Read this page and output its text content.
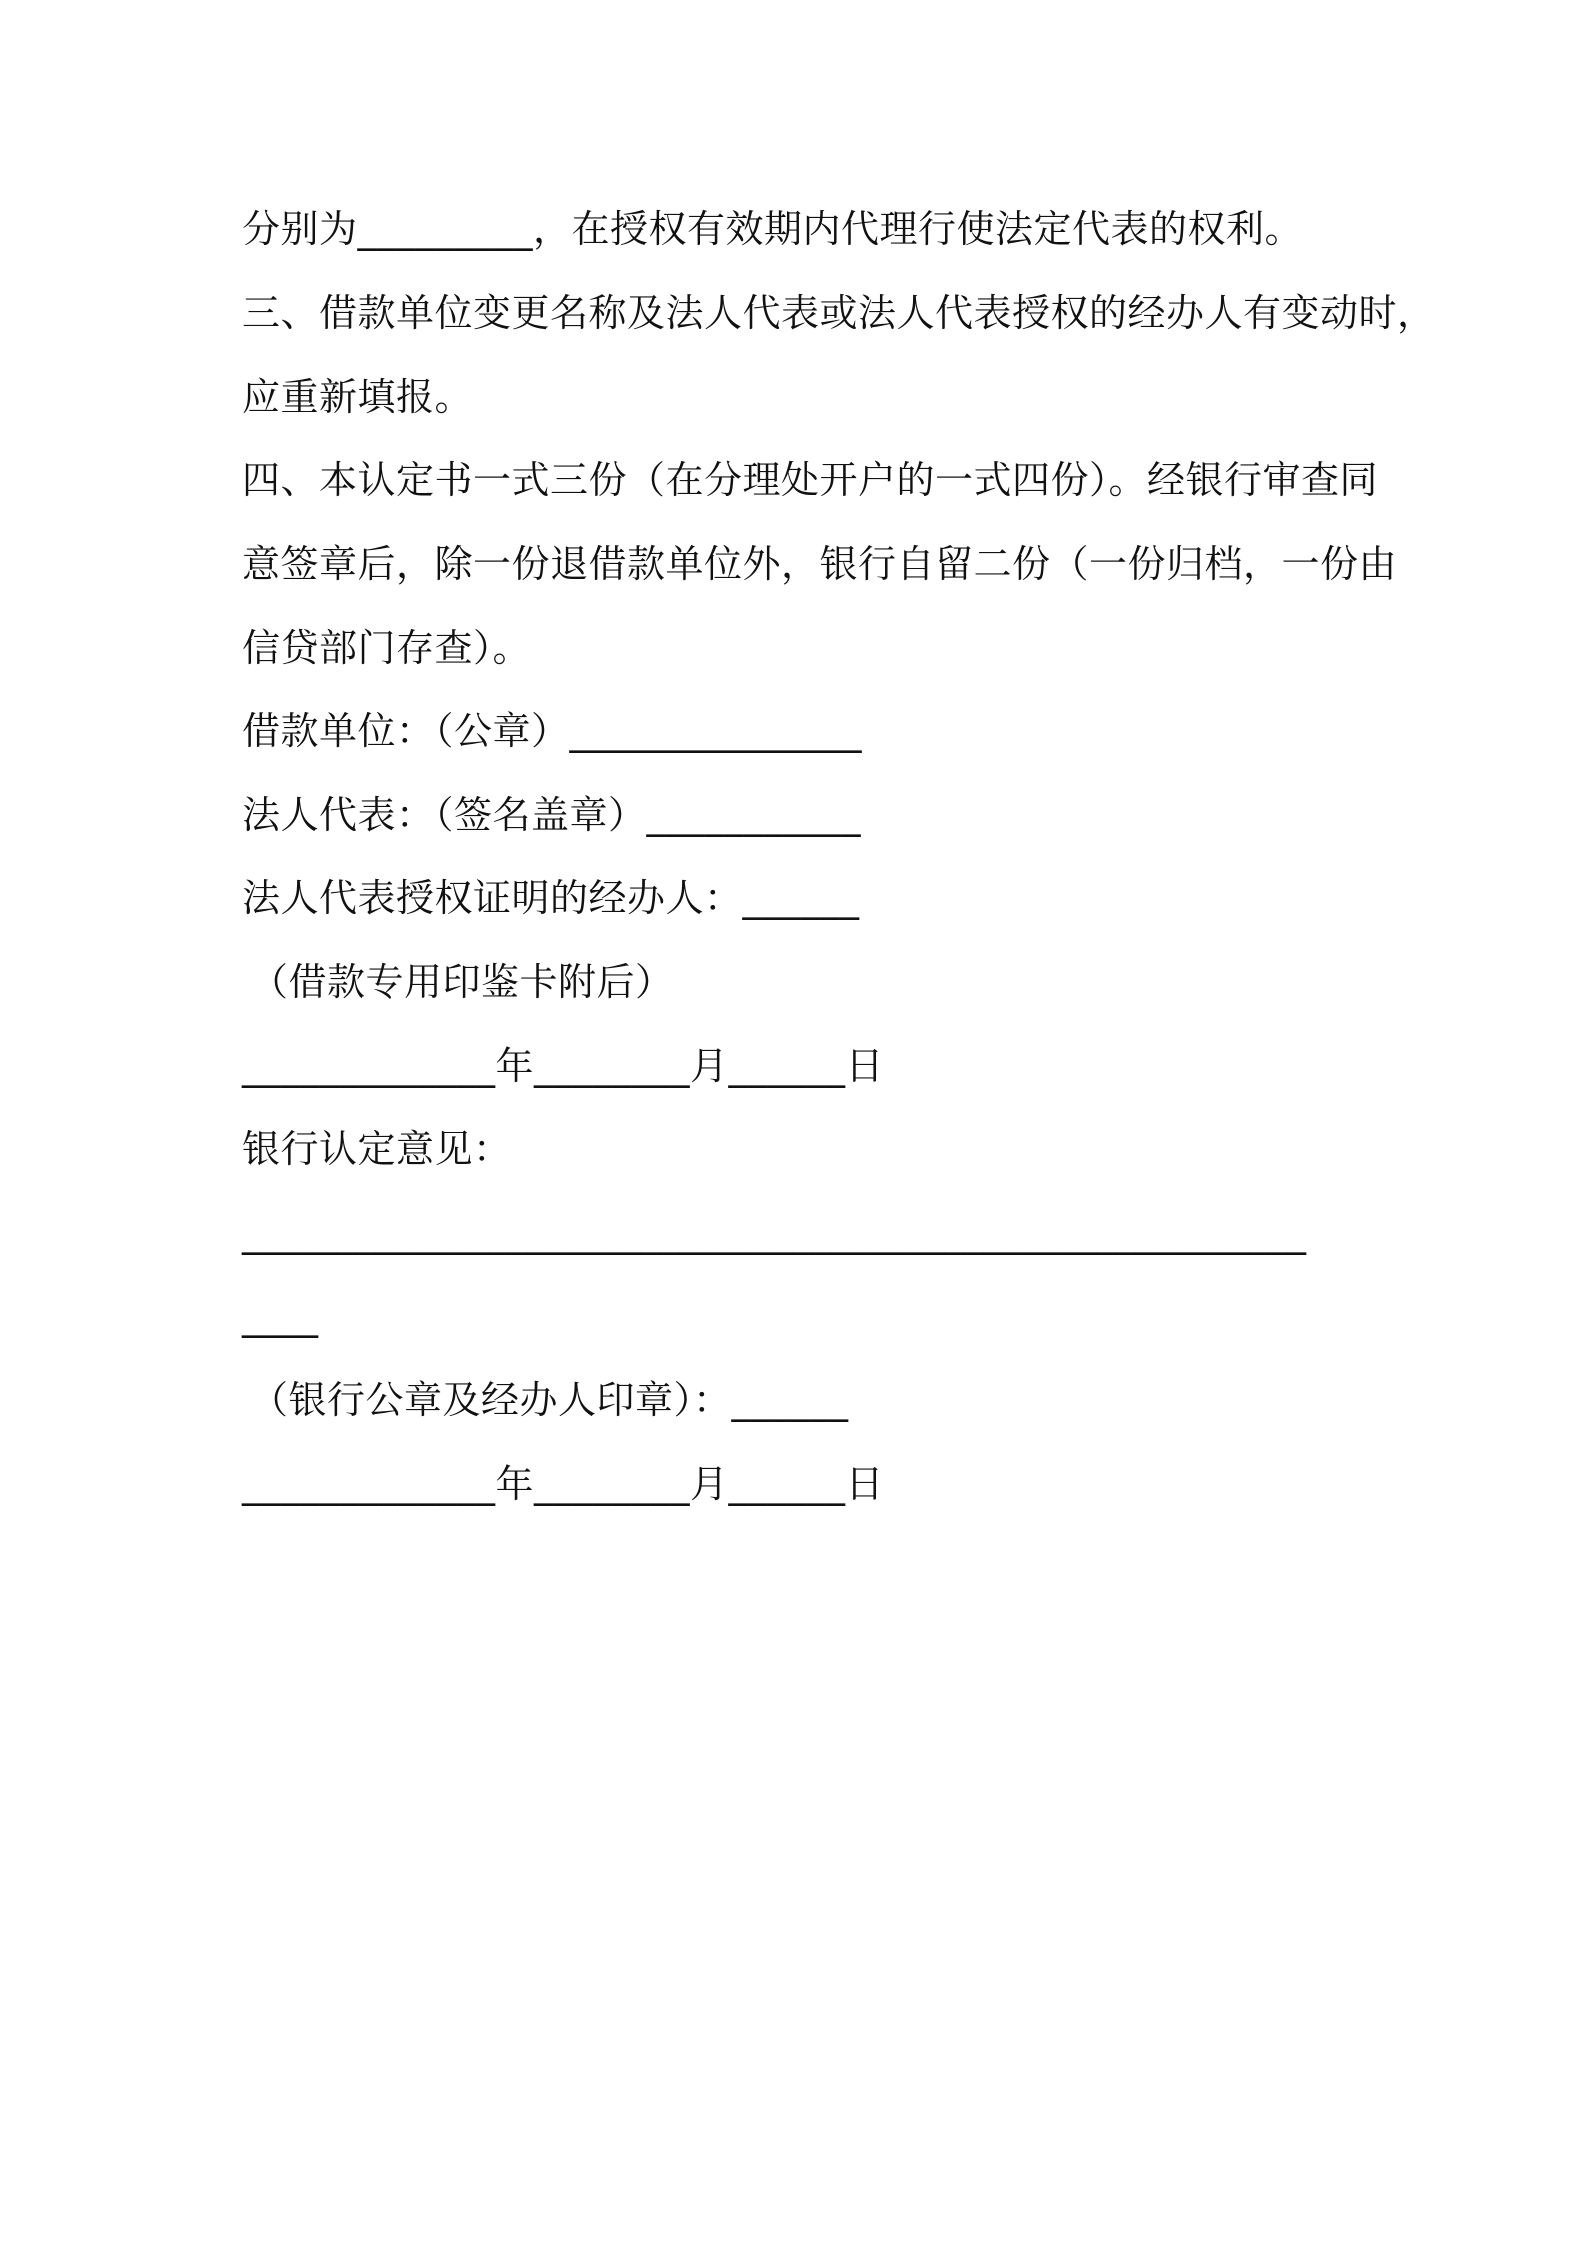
分别为_________，在授权有效期内代理行使法定代表的权利。
三、借款单位变更名称及法人代表或法人代表授权的经办人有变动时，
应重新填报。
四、本认定书一式三份（在分理处开户的一式四份）。经银行审查同
意签章后，除一份退借款单位外，银行自留二份（一份归档，一份由
信贷部门存查）。
借款单位：（公章）_______________
法人代表：（签名盖章）___________
法人代表授权证明的经办人：______
（借款专用印鉴卡附后）
_____________年________月______日
银行认定意见：
________________________________________________________
____
（银行公章及经办人印章）：______
_____________年________月______日
